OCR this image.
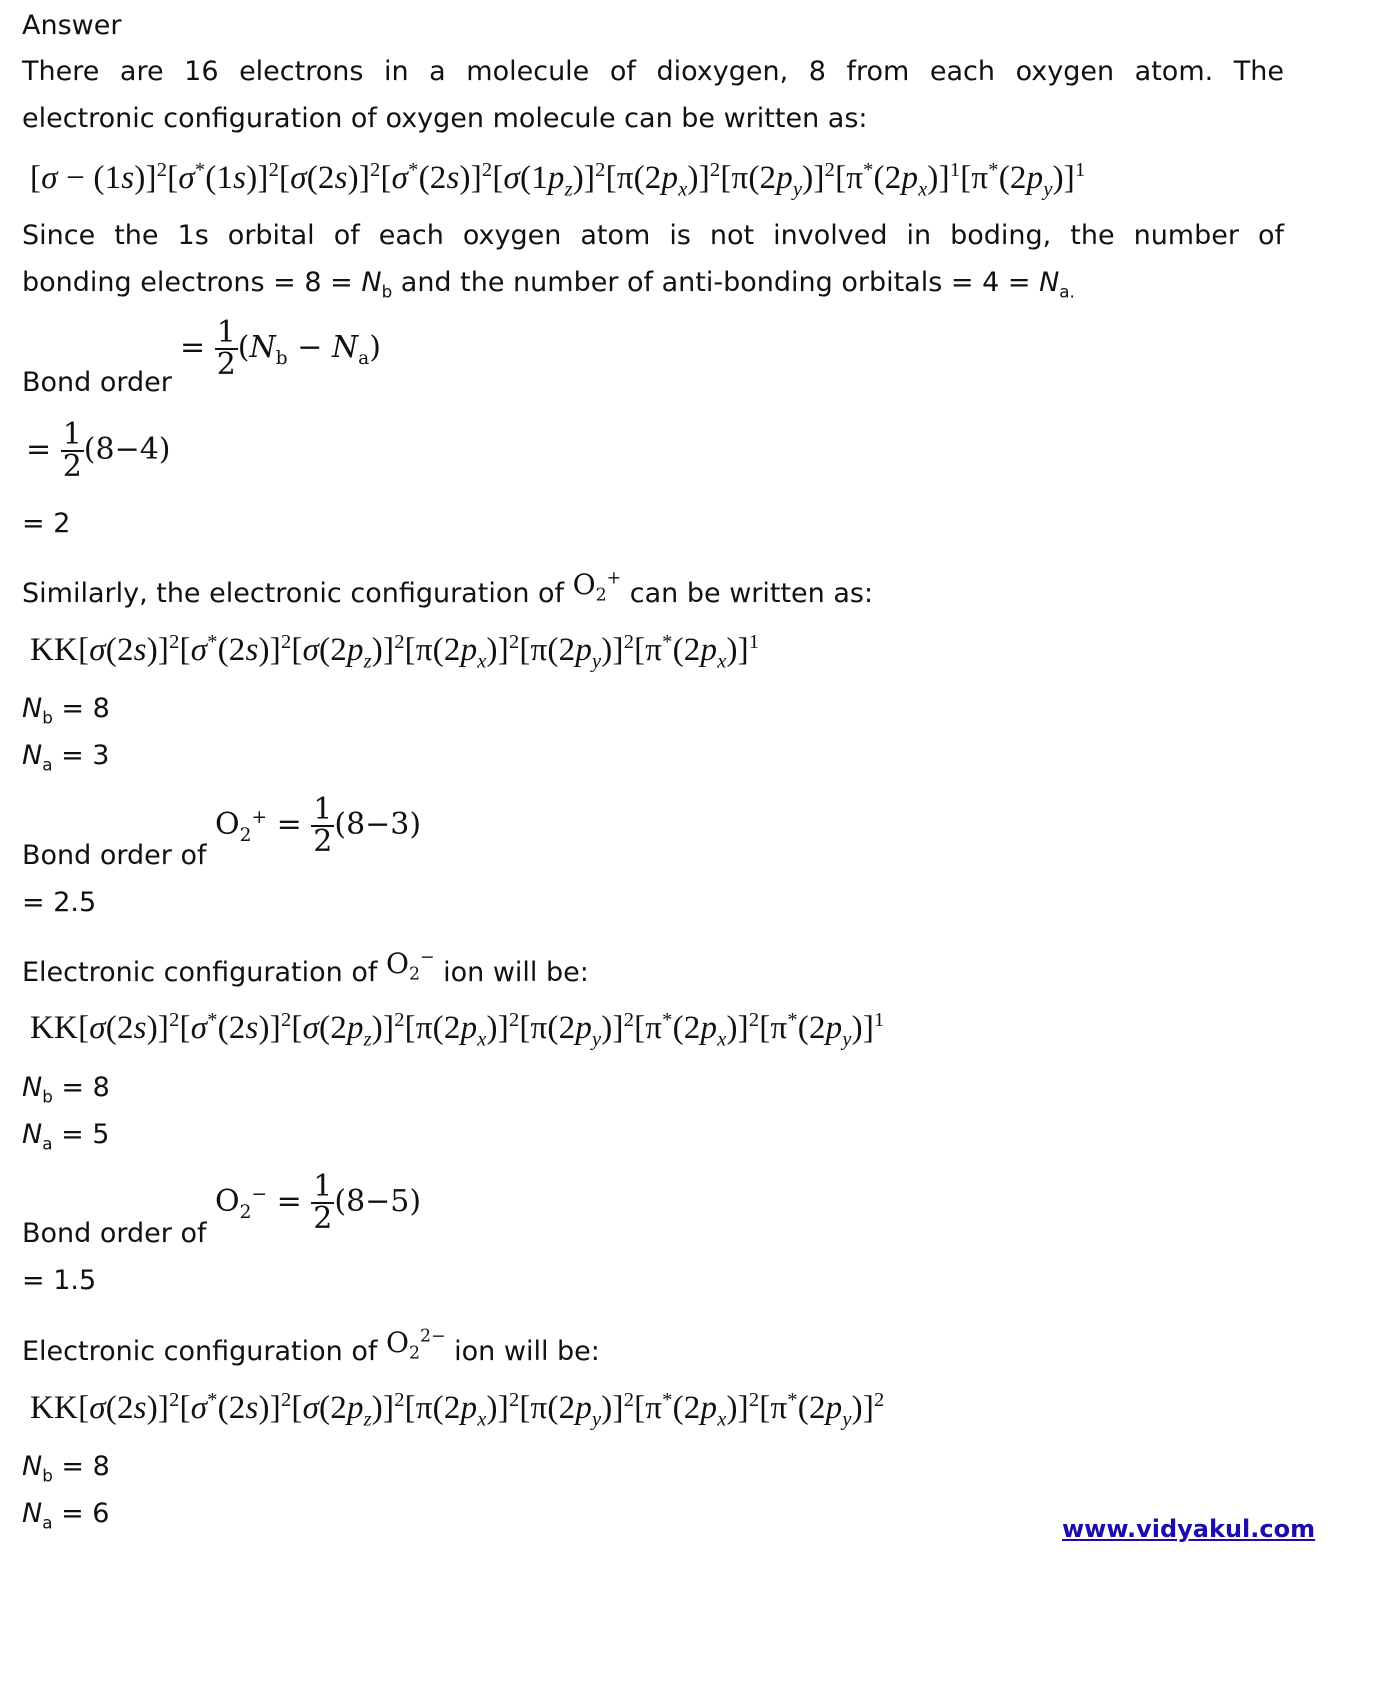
Answer
There are 16 electrons in a molecule of dioxygen, 8 from each oxygen atom. The
electronic configuration of oxygen molecule can be written as:
$[\sigma - (1s)]^2[\sigma^*(1s)]^2[\sigma(2s)]^2[\sigma^*(2s)]^2[\sigma(1p_z)]^2[\pi(2p_x)]^2[\pi(2p_y)]^2[\pi^*(2p_x)]^1[\pi^*(2p_y)]^1$
Since the 1s orbital of each oxygen atom is not involved in boding, the number of
bonding electrons = $8 = N_b$ and the number of anti-bonding orbitals = $4 = N_{a.}$
= $\frac{1}{2} (N_b - N_a)$
Bond order
= $\frac{1}{2} (8-4)$
= 2
Similarly, the electronic configuration of $O_2^+$ can be written as:
$KK[\sigma(2s)]^2[\sigma^*(2s)]^2[\sigma(2p_z)]^2[\pi(2p_x)]^2[\pi(2p_y)]^2[\pi^*(2p_x)]^1$
$N_b = 8$
$N_a = 3$
$O_2^+ = \frac{1}{2} (8-3)$
Bond order of
= 2.5
Electronic configuration of $O_2^-$ ion will be:
$KK[\sigma(2s)]^2[\sigma^*(2s)]^2[\sigma(2p_z)]^2[\pi(2p_x)]^2[\pi(2p_y)]^2[\pi^*(2p_x)]^2[\pi^*(2p_y)]^1$
$N_b = 8$
$N_a = 5$
$O_2^- = \frac{1}{2} (8-5)$
Bond order of
= 1.5
Electronic configuration of $O_2^{2-}$ ion will be:
$KK[\sigma(2s)]^2[\sigma^*(2s)]^2[\sigma(2p_z)]^2[\pi(2p_x)]^2[\pi(2p_y)]^2[\pi^*(2p_x)]^2[\pi^*(2p_y)]^2$
$N_b = 8$
$N_a = 6$	www.vidyakul.com
